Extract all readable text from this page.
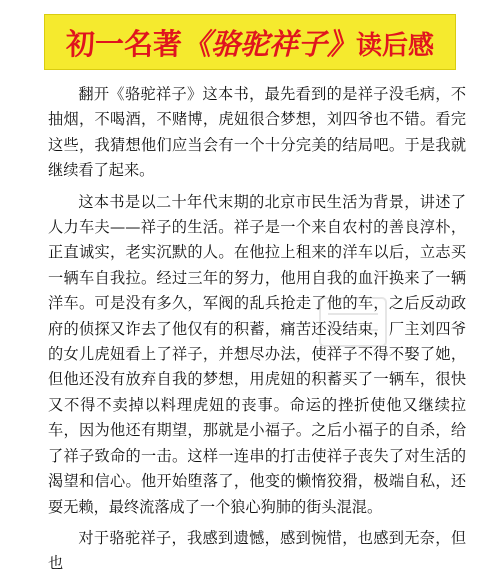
初一名著《骆驼祥子》读后感

翻开《骆驼祥子》这本书，最先看到的是祥子没毛病，不抽烟，不喝酒，不赌博，虎妞很合梦想，刘四爷也不错。看完这些，我猜想他们应当会有一个十分完美的结局吧。于是我就继续看了起来。

这本书是以二十年代末期的北京市民生活为背景，讲述了人力车夫——祥子的生活。祥子是一个来自农村的善良淳朴，正直诚实，老实沉默的人。在他拉上租来的洋车以后，立志买一辆车自我拉。经过三年的努力，他用自我的血汗换来了一辆洋车。可是没有多久，军阀的乱兵抢走了他的车，之后反动政府的侦探又诈去了他仅有的积蓄，痛苦还没结束，厂主刘四爷的女儿虎妞看上了祥子，并想尽办法，使祥子不得不娶了她，但他还没有放弃自我的梦想，用虎妞的积蓄买了一辆车，很快又不得不卖掉以料理虎妞的丧事。命运的挫折使他又继续拉车，因为他还有期望，那就是小福子。之后小福子的自杀，给了祥子致命的一击。这样一连串的打击使祥子丧失了对生活的渴望和信心。他开始堕落了，他变的懒惰狡猾，极端自私，还耍无赖，最终流落成了一个狼心狗肺的街头混混。

对于骆驼祥子，我感到遗憾，感到惋惜，也感到无奈，但也
